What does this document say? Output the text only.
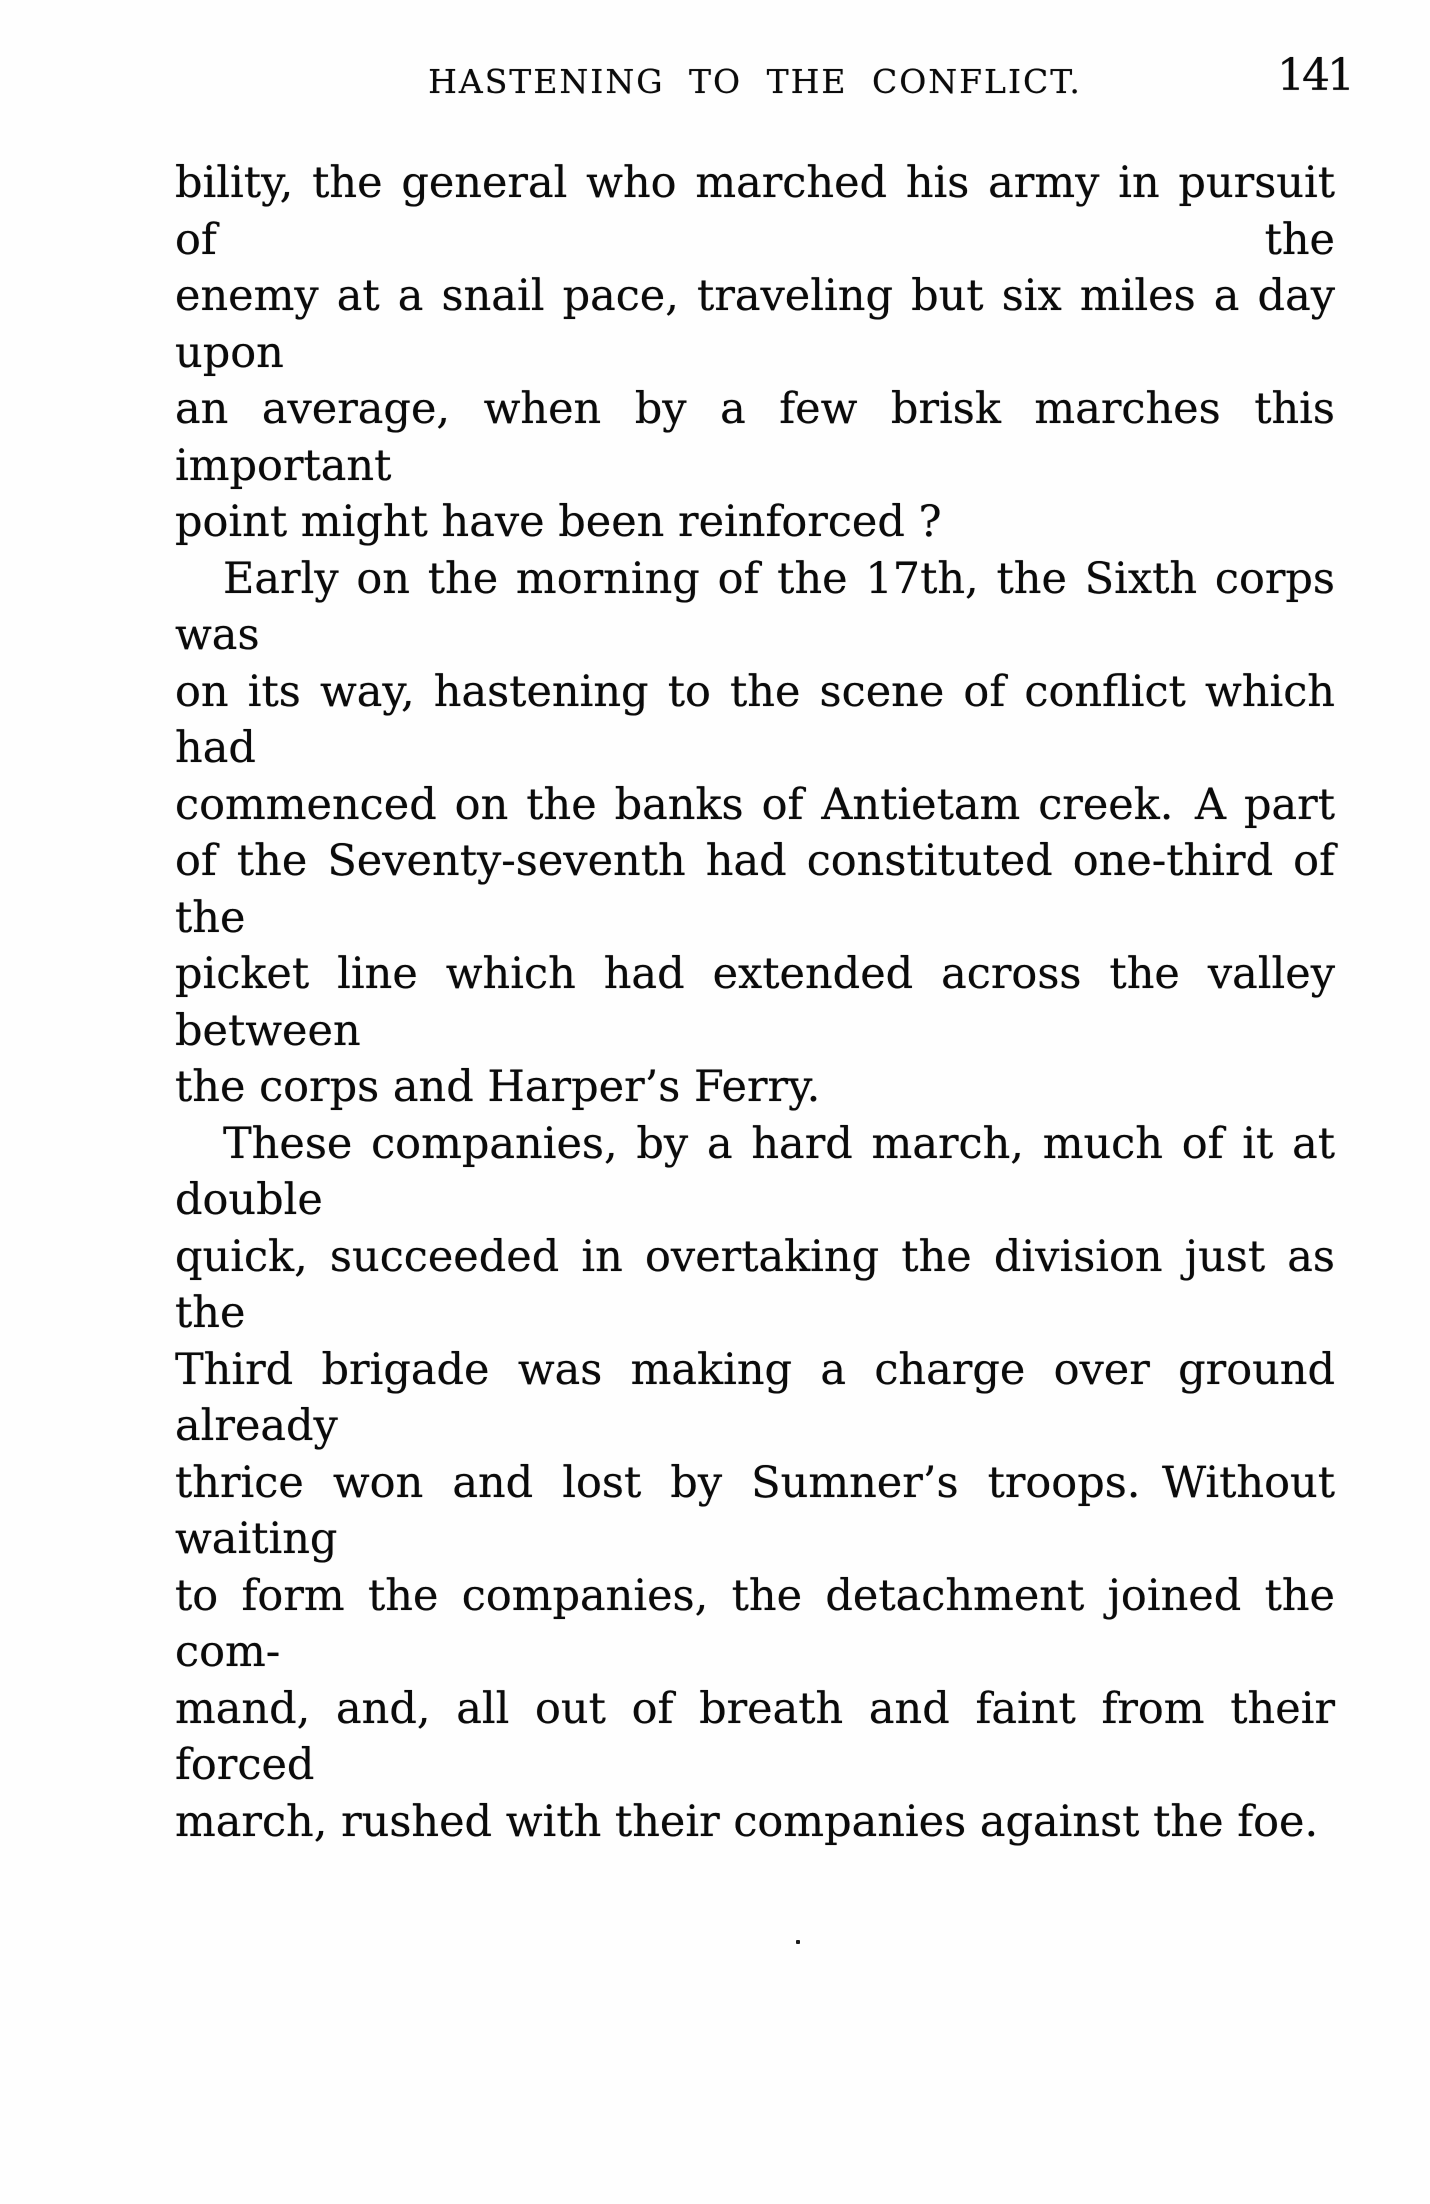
HASTENING TO THE CONFLICT.	141
bility, the general who marched his army in pursuit of the
enemy at a snail pace, traveling but six miles a day upon
an average, when by a few brisk marches this important
point might have been reinforced ?
Early on the morning of the 17th, the Sixth corps was
on its way, hastening to the scene of conflict which had
commenced on the banks of Antietam creek. A part
of the Seventy-seventh had constituted one-third of the
picket line which had extended across the valley between
the corps and Harper’s Ferry.
These companies, by a hard march, much of it at double
quick, succeeded in overtaking the division just as the
Third brigade was making a charge over ground already
thrice won and lost by Sumner’s troops. Without waiting
to form the companies, the detachment joined the com-
mand, and, all out of breath and faint from their forced
march, rushed with their companies against the foe.
